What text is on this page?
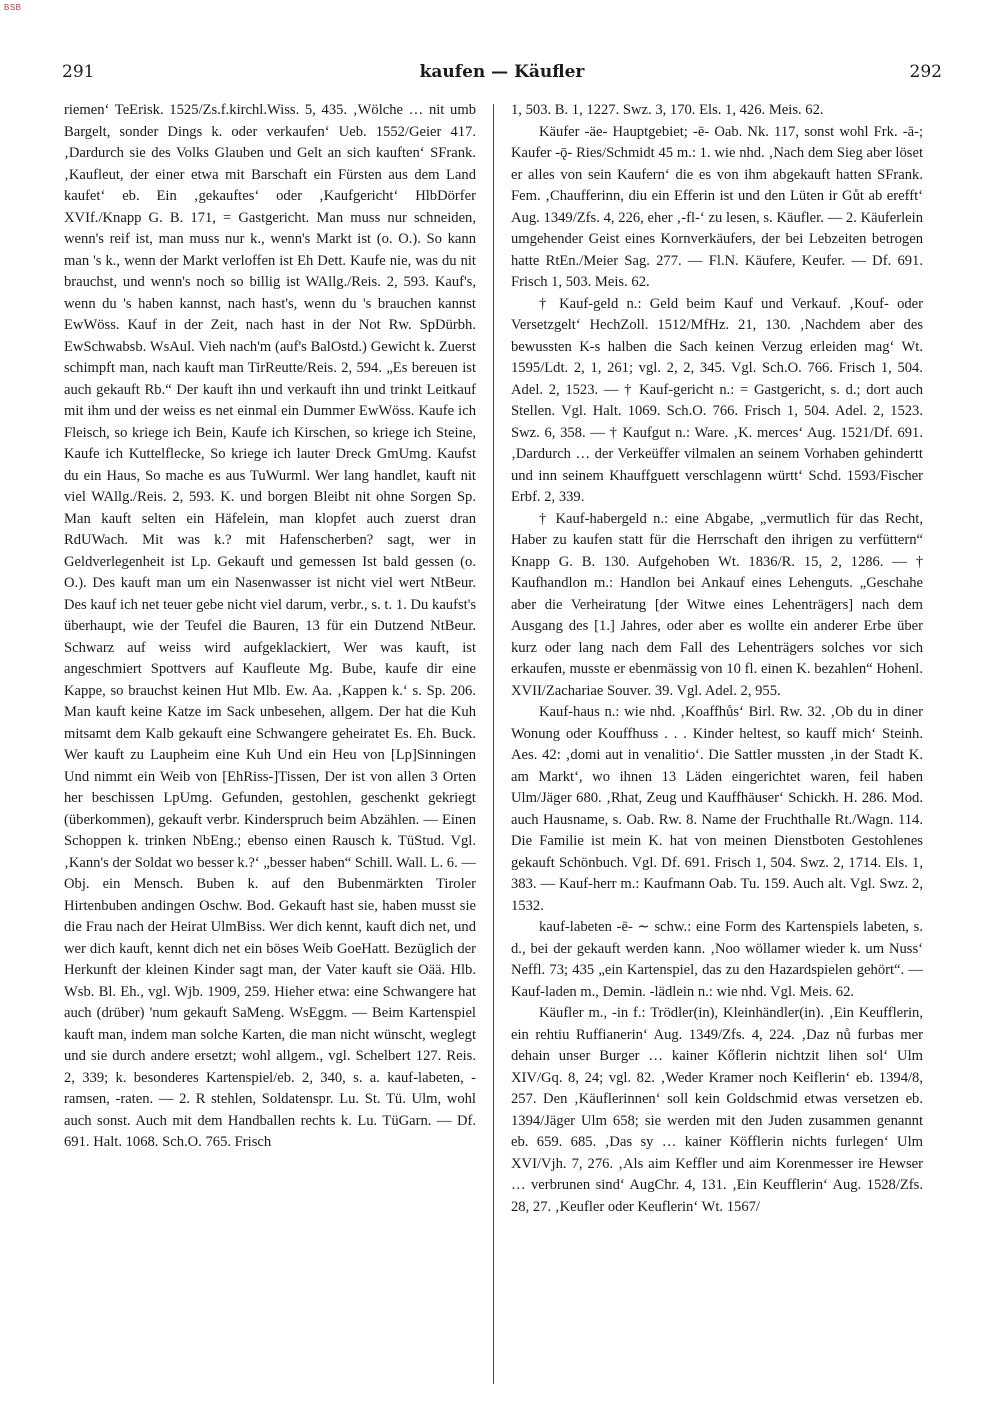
BSB
291	kaufen — Käufler	292

riemen‘ TeErisk. 1525/Zs.f.kirchl.Wiss. 5, 435. ‚Wölche … nit umb Bargelt, sonder Dings k. oder verkaufen‘ Ueb. 1552/Geier 417. ‚Dardurch sie des Volks Glauben und Gelt an sich kauften‘ SFrank. ‚Kaufleut, der einer etwa mit Barschaft ein Fürsten aus dem Land kaufet‘ eb. Ein ‚gekauftes‘ oder ‚Kaufgericht‘ HlbDörfer XVIf./Knapp G. B. 171, = Gastgericht. Man muss nur schneiden, wenn's reif ist, man muss nur k., wenn's Markt ist (o. O.). So kann man 's k., wenn der Markt verloffen ist Eh Dett. Kaufe nie, was du nit brauchst, und wenn's noch so billig ist WAllg./Reis. 2, 593. Kauf's, wenn du 's haben kannst, nach hast's, wenn du 's brauchen kannst EwWöss. Kauf in der Zeit, nach hast in der Not Rw. SpDürbh. EwSchwabsb. WsAul. Vieh nach'm (auf's BalOstd.) Gewicht k. Zuerst schimpft man, nach kauft man TirReutte/Reis. 2, 594. „Es bereuen ist auch gekauft Rb.“ Der kauft ihn und verkauft ihn und trinkt Leitkauf mit ihm und der weiss es net einmal ein Dummer EwWöss. Kaufe ich Fleisch, so kriege ich Bein, Kaufe ich Kirschen, so kriege ich Steine, Kaufe ich Kuttelflecke, So kriege ich lauter Dreck GmUmg. Kaufst du ein Haus, So mache es aus TuWurml. Wer lang handlet, kauft nit viel WAllg./Reis. 2, 593. K. und borgen Bleibt nit ohne Sorgen Sp. Man kauft selten ein Häfelein, man klopfet auch zuerst dran RdUWach. Mit was k.? mit Hafenscherben? sagt, wer in Geldverlegenheit ist Lp. Gekauft und gemessen Ist bald gessen (o. O.). Des kauft man um ein Nasenwasser ist nicht viel wert NtBeur. Des kauf ich net teuer gebe nicht viel darum, verbr., s. t. 1. Du kaufst's überhaupt, wie der Teufel die Bauren, 13 für ein Dutzend NtBeur. Schwarz auf weiss wird aufgeklackiert, Wer was kauft, ist angeschmiert Spottvers auf Kaufleute Mg. Bube, kaufe dir eine Kappe, so brauchst keinen Hut Mlb. Ew. Aa. ‚Kappen k.‘ s. Sp. 206. Man kauft keine Katze im Sack unbesehen, allgem. Der hat die Kuh mitsamt dem Kalb gekauft eine Schwangere geheiratet Es. Eh. Buck. Wer kauft zu Laupheim eine Kuh Und ein Heu von [Lp]Sinningen Und nimmt ein Weib von [EhRiss-]Tissen, Der ist von allen 3 Orten her beschissen LpUmg. Gefunden, gestohlen, geschenkt gekriegt (überkommen), gekauft verbr. Kinderspruch beim Abzählen. — Einen Schoppen k. trinken NbEng.; ebenso einen Rausch k. TüStud. Vgl. ‚Kann's der Soldat wo besser k.?‘ „besser haben“ Schill. Wall. L. 6. — Obj. ein Mensch. Buben k. auf den Bubenmärkten Tiroler Hirtenbuben andingen Oschw. Bod. Gekauft hast sie, haben musst sie die Frau nach der Heirat UlmBiss. Wer dich kennt, kauft dich net, und wer dich kauft, kennt dich net ein böses Weib GoeHatt. Bezüglich der Herkunft der kleinen Kinder sagt man, der Vater kauft sie Oää. Hlb. Wsb. Bl. Eh., vgl. Wjb. 1909, 259. Hieher etwa: eine Schwangere hat auch (drüber) 'num gekauft SaMeng. WsEggm. — Beim Kartenspiel kauft man, indem man solche Karten, die man nicht wünscht, weglegt und sie durch andere ersetzt; wohl allgem., vgl. Schelbert 127. Reis. 2, 339; k. besonderes Kartenspiel/eb. 2, 340, s. a. kauf-labeten, -ramsen, -raten. — 2. R stehlen, Soldatenspr. Lu. St. Tü. Ulm, wohl auch sonst. Auch mit dem Handballen rechts k. Lu. TüGarn. — Df. 691. Halt. 1068. Sch.O. 765. Frisch

1, 503. B. 1, 1227. Swz. 3, 170. Els. 1, 426. Meis. 62.

Käufer -äe- Hauptgebiet; -ē- Oab. Nk. 117, sonst wohl Frk. -ā-; Kaufer -ǭ- Ries/Schmidt 45 m.: 1. wie nhd. ‚Nach dem Sieg aber löset er alles von sein Kaufern‘ die es von ihm abgekauft hatten SFrank. Fem. ‚Chaufferinn, diu ein Efferin ist und den Lüten ir Gůt ab erefft‘ Aug. 1349/Zfs. 4, 226, eher ‚-fl-‘ zu lesen, s. Käufler. — 2. Käuferlein umgehender Geist eines Kornverkäufers, der bei Lebzeiten betrogen hatte RtEn./Meier Sag. 277. — Fl.N. Käufere, Keufer. — Df. 691. Frisch 1, 503. Meis. 62.

† Kauf-geld n.: Geld beim Kauf und Verkauf. ‚Kouf- oder Versetzgelt‘ HechZoll. 1512/MfHz. 21, 130. ‚Nachdem aber des bewussten K-s halben die Sach keinen Verzug erleiden mag‘ Wt. 1595/Ldt. 2, 1, 261; vgl. 2, 2, 345. Vgl. Sch.O. 766. Frisch 1, 504. Adel. 2, 1523. — † Kauf-gericht n.: = Gastgericht, s. d.; dort auch Stellen. Vgl. Halt. 1069. Sch.O. 766. Frisch 1, 504. Adel. 2, 1523. Swz. 6, 358. — † Kaufgut n.: Ware. ‚K. merces‘ Aug. 1521/Df. 691. ‚Dardurch … der Verkeüffer vilmalen an seinem Vorhaben gehindertt und inn seinem Khauffguett verschlagenn württ‘ Schd. 1593/Fischer Erbf. 2, 339.

† Kauf-habergeld n.: eine Abgabe, „vermutlich für das Recht, Haber zu kaufen statt für die Herrschaft den ihrigen zu verfüttern“ Knapp G. B. 130. Aufgehoben Wt. 1836/R. 15, 2, 1286. — † Kaufhandlon m.: Handlon bei Ankauf eines Lehenguts. „Geschahe aber die Verheiratung [der Witwe eines Lehenträgers] nach dem Ausgang des [1.] Jahres, oder aber es wollte ein anderer Erbe über kurz oder lang nach dem Fall des Lehenträgers solches vor sich erkaufen, musste er ebenmässig von 10 fl. einen K. bezahlen“ Hohenl. XVII/Zachariae Souver. 39. Vgl. Adel. 2, 955.

Kauf-haus n.: wie nhd. ‚Koaffhůs‘ Birl. Rw. 32. ‚Ob du in diner Wonung oder Kouffhuss . . . Kinder heltest, so kauff mich‘ Steinh. Aes. 42: ‚domi aut in venalitio‘. Die Sattler mussten ‚in der Stadt K. am Markt‘, wo ihnen 13 Läden eingerichtet waren, feil haben Ulm/Jäger 680. ‚Rhat, Zeug und Kauffhäuser‘ Schickh. H. 286. Mod. auch Hausname, s. Oab. Rw. 8. Name der Fruchthalle Rt./Wagn. 114. Die Familie ist mein K. hat von meinen Dienstboten Gestohlenes gekauft Schönbuch. Vgl. Df. 691. Frisch 1, 504. Swz. 2, 1714. Els. 1, 383. — Kauf-herr m.: Kaufmann Oab. Tu. 159. Auch alt. Vgl. Swz. 2, 1532.

kauf-labeten -ē- ∼ schw.: eine Form des Kartenspiels labeten, s. d., bei der gekauft werden kann. ‚Noo wöllamer wieder k. um Nuss‘ Neffl. 73; 435 „ein Kartenspiel, das zu den Hazardspielen gehört“. — Kauf-laden m., Demin. -lädlein n.: wie nhd. Vgl. Meis. 62.

Käufler m., -in f.: Trödler(in), Kleinhändler(in). ‚Ein Keufflerin, ein rehtiu Ruffianerin‘ Aug. 1349/Zfs. 4, 224. ‚Daz nů furbas mer dehain unser Burger … kainer Kőflerin nichtzit lihen sol‘ Ulm XIV/Gq. 8, 24; vgl. 82. ‚Weder Kramer noch Keiflerin‘ eb. 1394/8, 257. Den ‚Käuflerinnen‘ soll kein Goldschmid etwas versetzen eb. 1394/Jäger Ulm 658; sie werden mit den Juden zusammen genannt eb. 659. 685. ‚Das sy … kainer Köfflerin nichts furlegen‘ Ulm XVI/Vjh. 7, 276. ‚Als aim Keffler und aim Korenmesser ire Hewser … verbrunen sind‘ AugChr. 4, 131. ‚Ein Keufflerin‘ Aug. 1528/Zfs. 28, 27. ‚Keufler oder Keuflerin‘ Wt. 1567/
